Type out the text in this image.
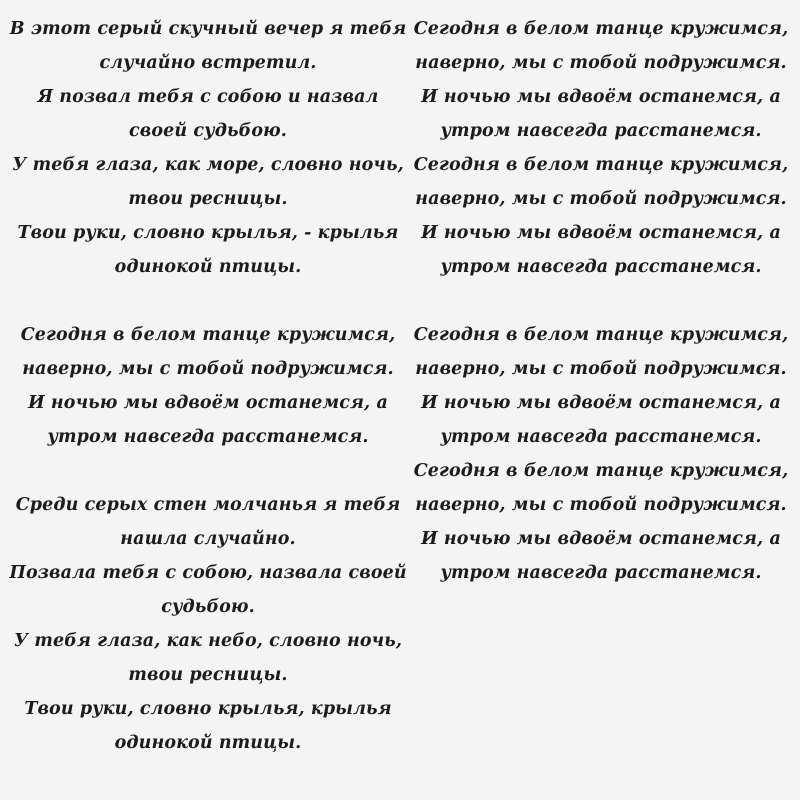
В этот серый скучный вечер я тебя
случайно встретил.
Я позвал тебя с собою и назвал
своей судьбою.
У тебя глаза, как море, словно ночь,
твои ресницы.
Твои руки, словно крылья, - крылья
одинокой птицы.
Сегодня в белом танце кружимся,
наверно, мы с тобой подружимся.
И ночью мы вдвоём останемся, а
утром навсегда расстанемся.
Среди серых стен молчанья я тебя
нашла случайно.
Позвала тебя с собою, назвала своей
судьбою.
У тебя глаза, как небо, словно ночь,
твои ресницы.
Твои руки, словно крылья, крылья
одинокой птицы.
Сегодня в белом танце кружимся,
наверно, мы с тобой подружимся.
И ночью мы вдвоём останемся, а
утром навсегда расстанемся.
Сегодня в белом танце кружимся,
наверно, мы с тобой подружимся.
И ночью мы вдвоём останемся, а
утром навсегда расстанемся.
Сегодня в белом танце кружимся,
наверно, мы с тобой подружимся.
И ночью мы вдвоём останемся, а
утром навсегда расстанемся.
Сегодня в белом танце кружимся,
наверно, мы с тобой подружимся.
И ночью мы вдвоём останемся, а
утром навсегда расстанемся.
